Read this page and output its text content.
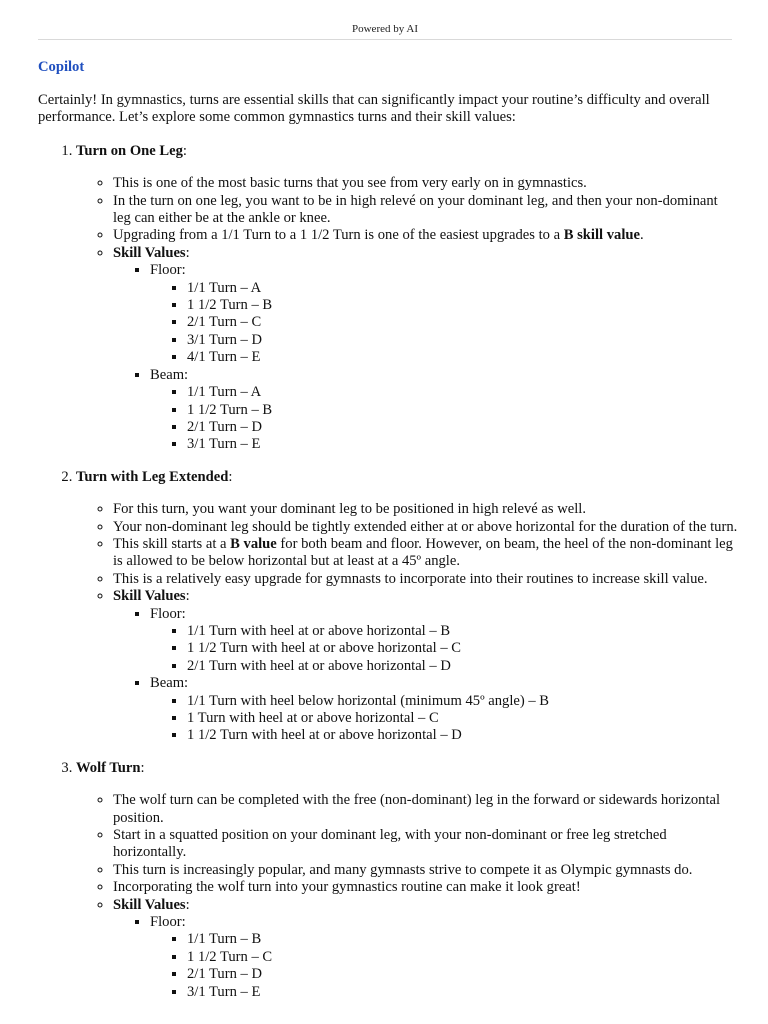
Powered by AI
Copilot

Certainly! In gymnastics, turns are essential skills that can significantly impact your routine’s difficulty and overall performance. Let’s explore some common gymnastics turns and their skill values:

1. Turn on One Leg:
◦ This is one of the most basic turns that you see from very early on in gymnastics.
◦ In the turn on one leg, you want to be in high relevé on your dominant leg, and then your non-dominant leg can either be at the ankle or knee.
◦ Upgrading from a 1/1 Turn to a 1 1/2 Turn is one of the easiest upgrades to a B skill value.
◦ Skill Values:
▪ Floor:
▪ 1/1 Turn – A
▪ 1 1/2 Turn – B
▪ 2/1 Turn – C
▪ 3/1 Turn – D
▪ 4/1 Turn – E
▪ Beam:
▪ 1/1 Turn – A
▪ 1 1/2 Turn – B
▪ 2/1 Turn – D
▪ 3/1 Turn – E
2. Turn with Leg Extended:
◦ For this turn, you want your dominant leg to be positioned in high relevé as well.
◦ Your non-dominant leg should be tightly extended either at or above horizontal for the duration of the turn.
◦ This skill starts at a B value for both beam and floor. However, on beam, the heel of the non-dominant leg is allowed to be below horizontal but at least at a 45º angle.
◦ This is a relatively easy upgrade for gymnasts to incorporate into their routines to increase skill value.
◦ Skill Values:
▪ Floor:
▪ 1/1 Turn with heel at or above horizontal – B
▪ 1 1/2 Turn with heel at or above horizontal – C
▪ 2/1 Turn with heel at or above horizontal – D
▪ Beam:
▪ 1/1 Turn with heel below horizontal (minimum 45º angle) – B
▪ 1 Turn with heel at or above horizontal – C
▪ 1 1/2 Turn with heel at or above horizontal – D
3. Wolf Turn:
◦ The wolf turn can be completed with the free (non-dominant) leg in the forward or sidewards horizontal position.
◦ Start in a squatted position on your dominant leg, with your non-dominant or free leg stretched horizontally.
◦ This turn is increasingly popular, and many gymnasts strive to compete it as Olympic gymnasts do.
◦ Incorporating the wolf turn into your gymnastics routine can make it look great!
◦ Skill Values:
▪ Floor:
▪ 1/1 Turn – B
▪ 1 1/2 Turn – C
▪ 2/1 Turn – D
▪ 3/1 Turn – E
